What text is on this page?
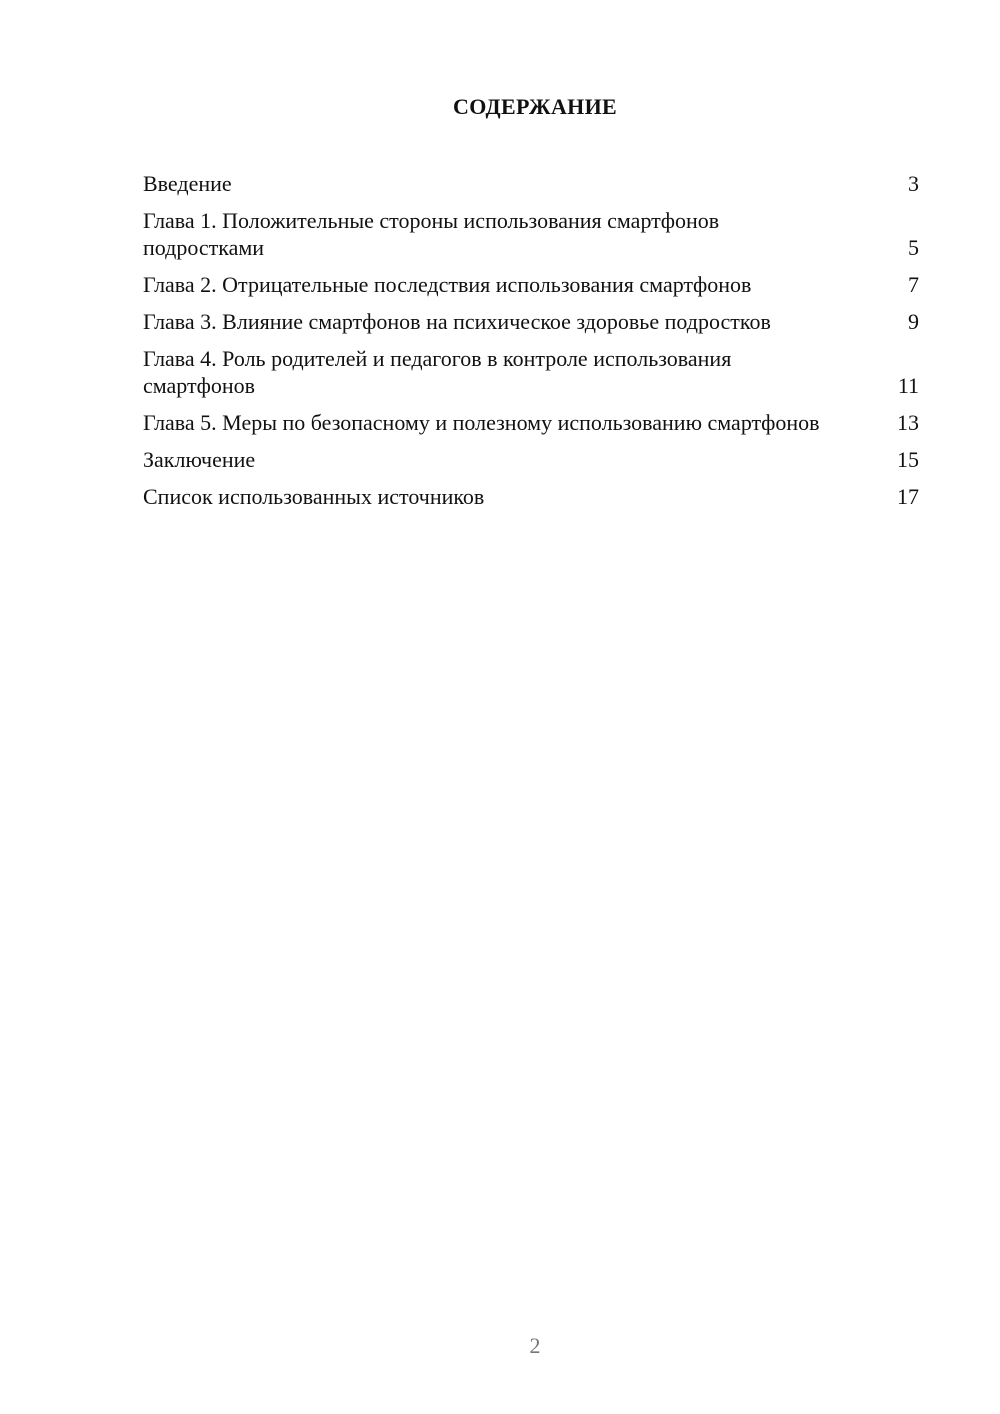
СОДЕРЖАНИЕ
Введение	3
Глава 1. Положительные стороны использования смартфонов подростками	5
Глава 2. Отрицательные последствия использования смартфонов	7
Глава 3. Влияние смартфонов на психическое здоровье подростков	9
Глава 4. Роль родителей и педагогов в контроле использования смартфонов	11
Глава 5. Меры по безопасному и полезному использованию смартфонов	13
Заключение	15
Список использованных источников	17
2
